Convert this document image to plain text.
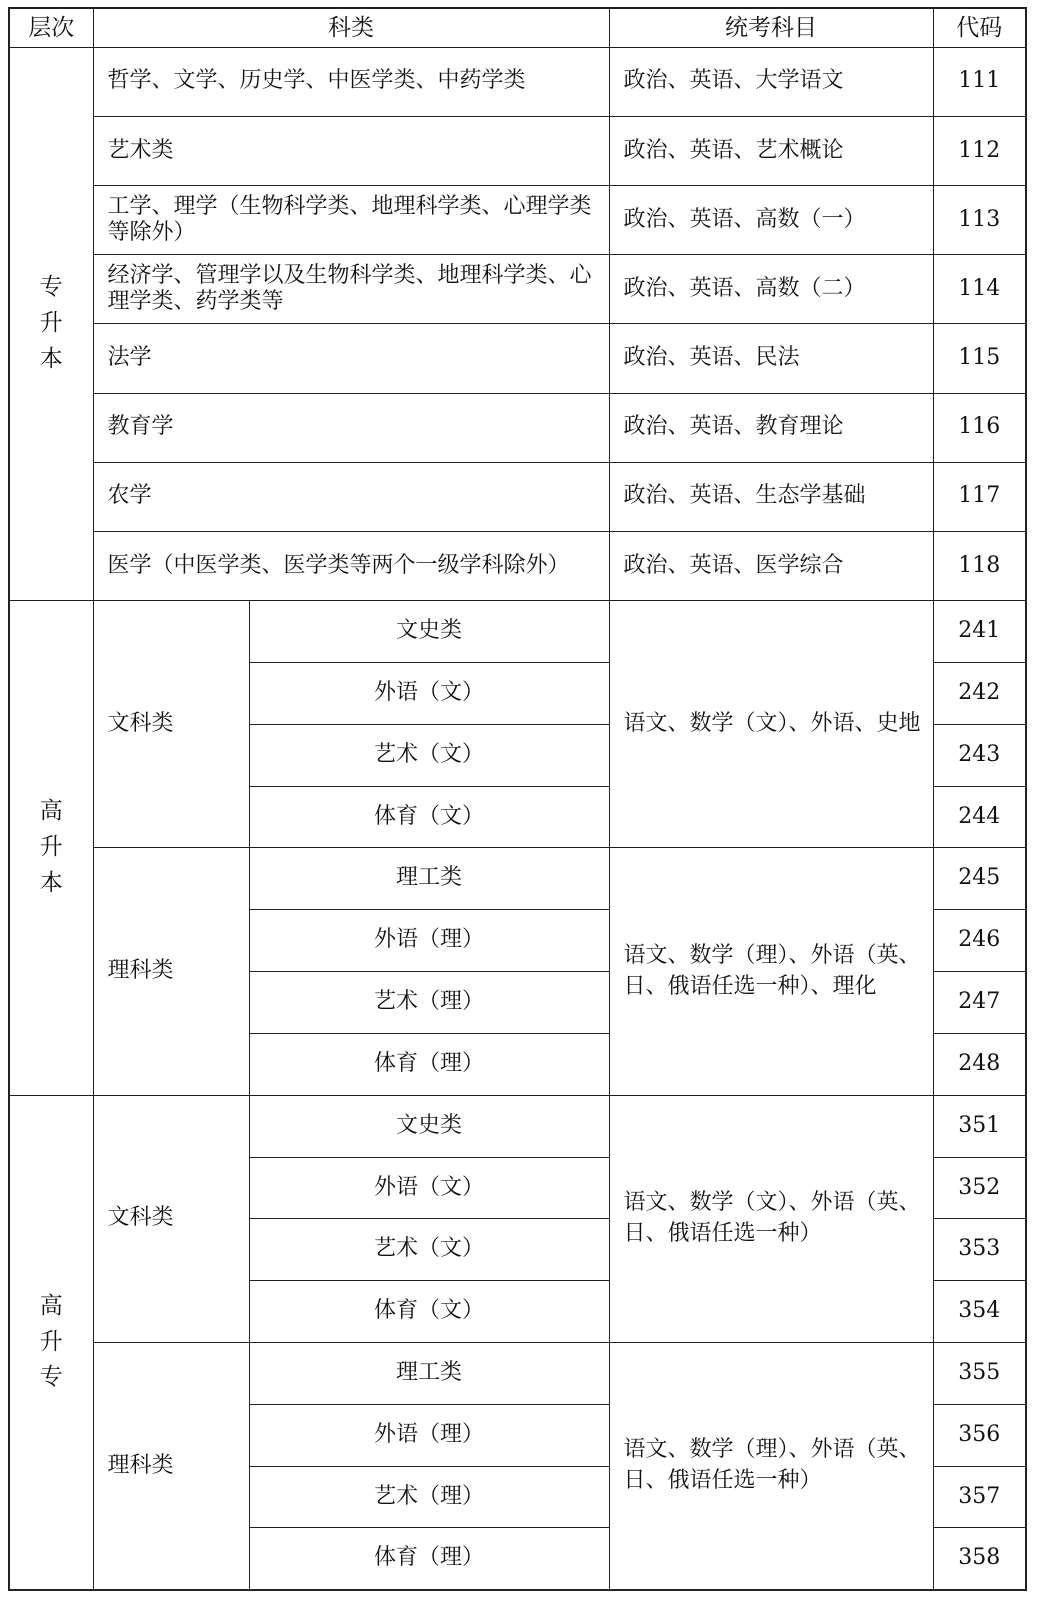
层次	科类		统考科目	代码

专
升
本	哲学、文学、历史学、中医学类、中药学类		政治、英语、大学语文	111
	艺术类		政治、英语、艺术概论	112
	工学、理学（生物科学类、地理科学类、心理学类等除外）		政治、英语、高数（一）	113
	经济学、管理学以及生物科学类、地理科学类、心理学类、药学类等		政治、英语、高数（二）	114
	法学		政治、英语、民法	115
	教育学		政治、英语、教育理论	116
	农学		政治、英语、生态学基础	117
	医学（中医学类、医学类等两个一级学科除外）		政治、英语、医学综合	118

高
升
本	文科类	文史类	语文、数学（文）、外语、史地	241
		外语（文）		242
		艺术（文）		243
		体育（文）		244
	理科类	理工类	语文、数学（理）、外语（英、日、俄语任选一种）、理化	245
		外语（理）		246
		艺术（理）		247
		体育（理）		248

高
升
专	文科类	文史类	语文、数学（文）、外语（英、日、俄语任选一种）	351
		外语（文）		352
		艺术（文）		353
		体育（文）		354
	理科类	理工类	语文、数学（理）、外语（英、日、俄语任选一种）	355
		外语（理）		356
		艺术（理）		357
		体育（理）		358
